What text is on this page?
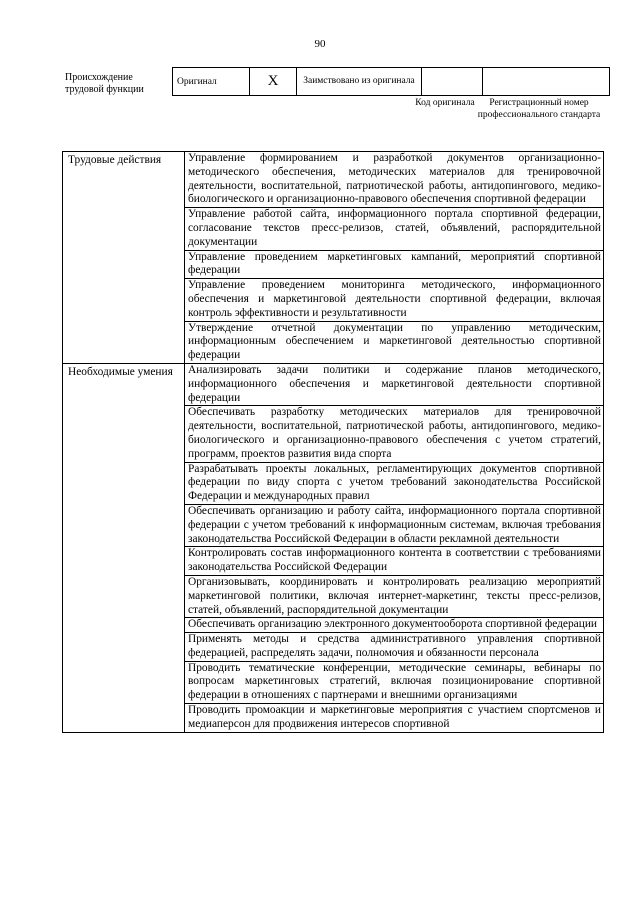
90
Происхождение трудовой функции
Оригинал	X	Заимствовано из оригинала		
Код оригинала	Регистрационный номер профессионального стандарта
Трудовые действия	Управление формированием и разработкой документов организационно-методического обеспечения, методических материалов для тренировочной деятельности, воспитательной, патриотической работы, антидопингового, медико-биологического и организационно-правового обеспечения спортивной федерации
	Управление работой сайта, информационного портала спортивной федерации, согласование текстов пресс-релизов, статей, объявлений, распорядительной документации
	Управление проведением маркетинговых кампаний, мероприятий спортивной федерации
	Управление проведением мониторинга методического, информационного обеспечения и маркетинговой деятельности спортивной федерации, включая контроль эффективности и результативности
	Утверждение отчетной документации по управлению методическим, информационным обеспечением и маркетинговой деятельностью спортивной федерации
Необходимые умения	Анализировать задачи политики и содержание планов методического, информационного обеспечения и маркетинговой деятельности спортивной федерации
	Обеспечивать разработку методических материалов для тренировочной деятельности, воспитательной, патриотической работы, антидопингового, медико-биологического и организационно-правового обеспечения с учетом стратегий, программ, проектов развития вида спорта
	Разрабатывать проекты локальных, регламентирующих документов спортивной федерации по виду спорта с учетом требований законодательства Российской Федерации и международных правил
	Обеспечивать организацию и работу сайта, информационного портала спортивной федерации с учетом требований к информационным системам, включая требования законодательства Российской Федерации в области рекламной деятельности
	Контролировать состав информационного контента в соответствии с требованиями законодательства Российской Федерации
	Организовывать, координировать и контролировать реализацию мероприятий маркетинговой политики, включая интернет-маркетинг, тексты пресс-релизов, статей, объявлений, распорядительной документации
	Обеспечивать организацию электронного документооборота спортивной федерации
	Применять методы и средства административного управления спортивной федерацией, распределять задачи, полномочия и обязанности персонала
	Проводить тематические конференции, методические семинары, вебинары по вопросам маркетинговых стратегий, включая позиционирование спортивной федерации в отношениях с партнерами и внешними организациями
	Проводить промоакции и маркетинговые мероприятия с участием спортсменов и медиаперсон для продвижения интересов спортивной
